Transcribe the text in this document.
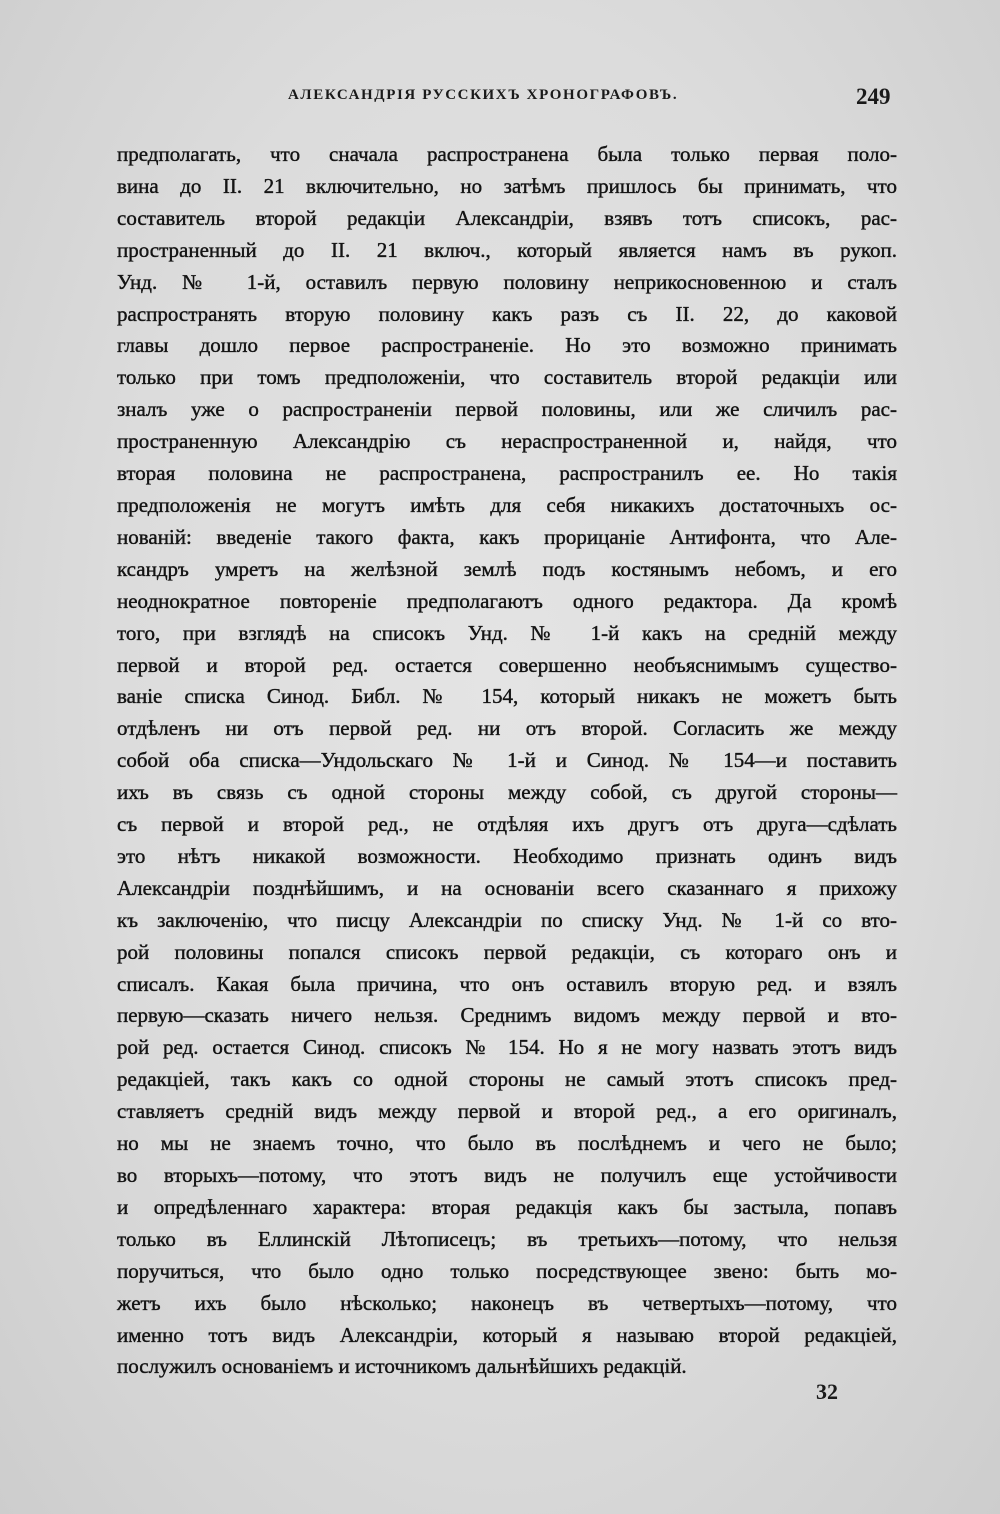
АЛЕКСАНДРІЯ РУССКИХЪ ХРОНОГРАФОВЪ.	249
предполагать, что сначала распространена была только первая поло-
вина до II. 21 включительно, но затѣмъ пришлось бы принимать, что
составитель второй редакціи Александріи, взявъ тотъ списокъ, рас-
пространенный до II. 21 включ., который является намъ въ рукоп.
Унд. № 1-й, оставилъ первую половину неприкосновенною и сталъ
распространять вторую половину какъ разъ съ II. 22, до каковой
главы дошло первое распространеніе. Но это возможно принимать
только при томъ предположеніи, что составитель второй редакціи или
зналъ уже о распространеніи первой половины, или же сличилъ рас-
пространенную Александрію съ нераспространенной и, найдя, что
вторая половина не распространена, распространилъ ее. Но такія
предположенія не могутъ имѣть для себя никакихъ достаточныхъ ос-
нованій: введеніе такого факта, какъ прорицаніе Антифонта, что Але-
ксандръ умретъ на желѣзной землѣ подъ костянымъ небомъ, и его
неоднократное повтореніе предполагаютъ одного редактора. Да кромѣ
того, при взглядѣ на списокъ Унд. № 1-й какъ на средній между
первой и второй ред. остается совершенно необъяснимымъ существо-
ваніе списка Синод. Библ. № 154, который никакъ не можетъ быть
отдѣленъ ни отъ первой ред. ни отъ второй. Согласить же между
собой оба списка—Ундольскаго № 1-й и Синод. № 154—и поставить
ихъ въ связь съ одной стороны между собой, съ другой стороны—
съ первой и второй ред., не отдѣляя ихъ другъ отъ друга—сдѣлать
это нѣтъ никакой возможности. Необходимо признать одинъ видъ
Александріи позднѣйшимъ, и на основаніи всего сказаннаго я прихожу
къ заключенію, что писцу Александріи по списку Унд. № 1-й со вто-
рой половины попался списокъ первой редакціи, съ котораго онъ и
списалъ. Какая была причина, что онъ оставилъ вторую ред. и взялъ
первую—сказать ничего нельзя. Среднимъ видомъ между первой и вто-
рой ред. остается Синод. списокъ № 154. Но я не могу назвать этотъ видъ
редакціей, такъ какъ со одной стороны не самый этотъ списокъ пред-
ставляетъ средній видъ между первой и второй ред., а его оригиналъ,
но мы не знаемъ точно, что было въ послѣднемъ и чего не было;
во вторыхъ—потому, что этотъ видъ не получилъ еще устойчивости
и опредѣленнаго характера: вторая редакція какъ бы застыла, попавъ
только въ Еллинскій Лѣтописецъ; въ третьихъ—потому, что нельзя
поручиться, что было одно только посредствующее звено: быть мо-
жетъ ихъ было нѣсколько; наконецъ въ четвертыхъ—потому, что
именно тотъ видъ Александріи, который я называю второй редакціей,
послужилъ основаніемъ и источникомъ дальнѣйшихъ редакцій.
32
